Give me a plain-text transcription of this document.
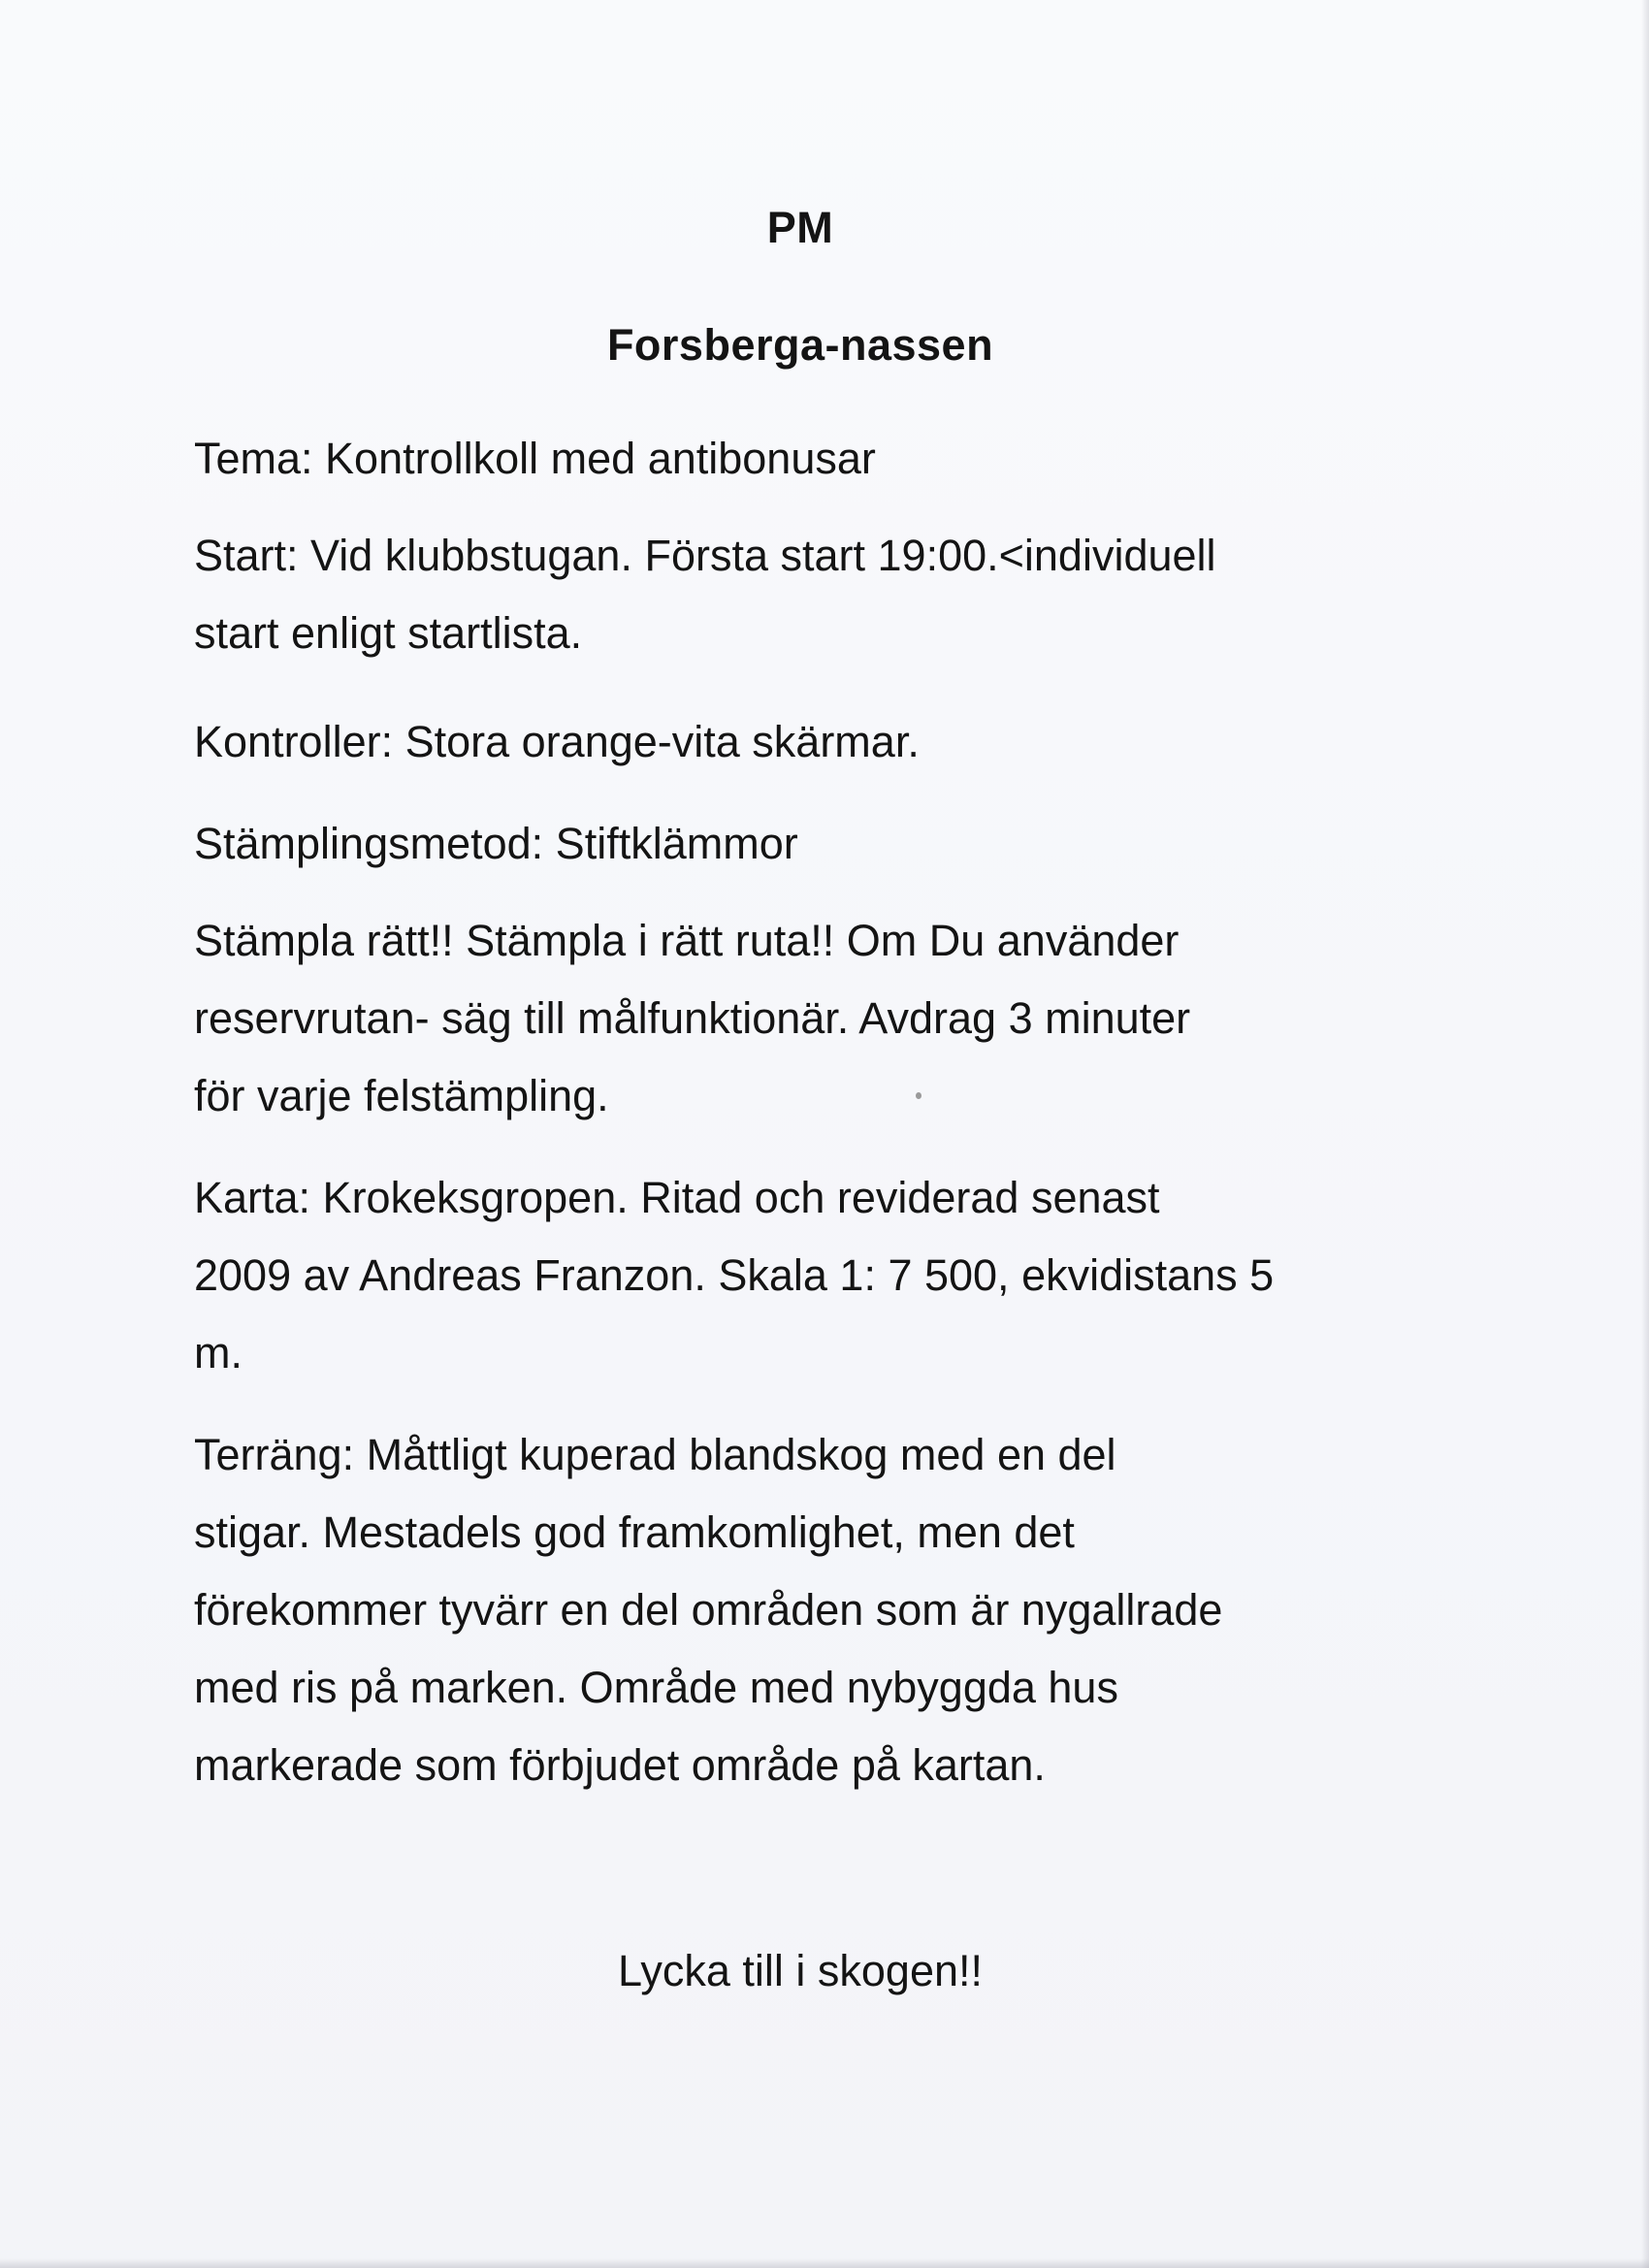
PM
Forsberga-nassen

Tema: Kontrollkoll med antibonusar

Start: Vid klubbstugan. Första start 19:00.<individuell
start enligt startlista.

Kontroller: Stora orange-vita skärmar.

Stämplingsmetod: Stiftklämmor

Stämpla rätt!! Stämpla i rätt ruta!! Om Du använder
reservrutan- säg till målfunktionär. Avdrag 3 minuter
för varje felstämpling.

Karta: Krokeksgropen. Ritad och reviderad senast
2009 av Andreas Franzon. Skala 1: 7 500, ekvidistans 5
m.

Terräng: Måttligt kuperad blandskog med en del
stigar. Mestadels god framkomlighet, men det
förekommer tyvärr en del områden som är nygallrade
med ris på marken. Område med nybyggda hus
markerade som förbjudet område på kartan.

Lycka till i skogen!!
